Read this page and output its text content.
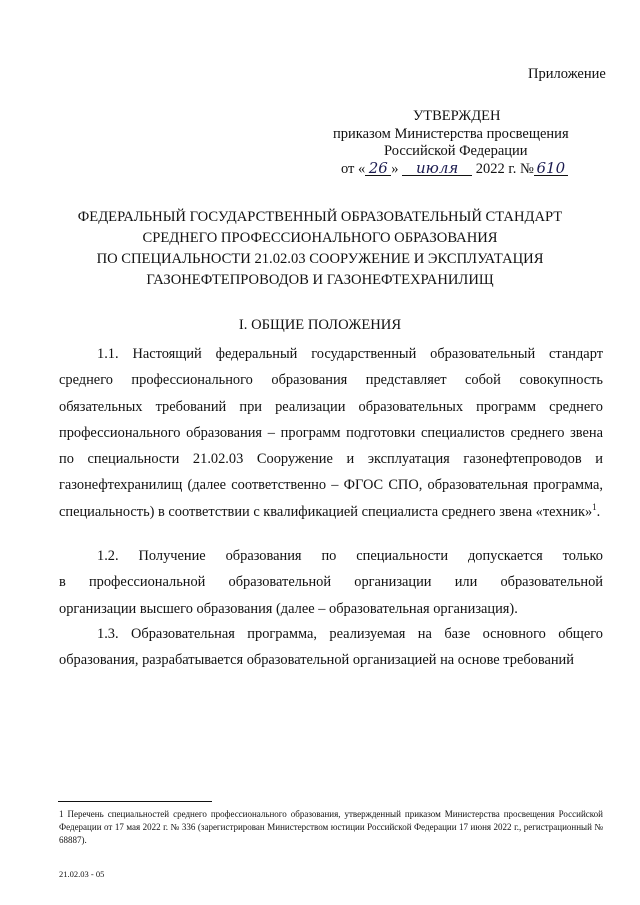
Приложение
УТВЕРЖДЕН
приказом Министерства просвещения
Российской Федерации
от « 26 » июля 2022 г. № 610
ФЕДЕРАЛЬНЫЙ ГОСУДАРСТВЕННЫЙ ОБРАЗОВАТЕЛЬНЫЙ СТАНДАРТ
СРЕДНЕГО ПРОФЕССИОНАЛЬНОГО ОБРАЗОВАНИЯ
ПО СПЕЦИАЛЬНОСТИ 21.02.03 СООРУЖЕНИЕ И ЭКСПЛУАТАЦИЯ
ГАЗОНЕФТЕПРОВОДОВ И ГАЗОНЕФТЕХРАНИЛИЩ
I. ОБЩИЕ ПОЛОЖЕНИЯ
1.1. Настоящий федеральный государственный образовательный стандарт среднего профессионального образования представляет собой совокупность обязательных требований при реализации образовательных программ среднего профессионального образования – программ подготовки специалистов среднего звена по специальности 21.02.03 Сооружение и эксплуатация газонефтепроводов и газонефтехранилищ (далее соответственно – ФГОС СПО, образовательная программа, специальность) в соответствии с квалификацией специалиста среднего звена «техник»$^1$.
1.2. Получение образования по специальности допускается только
в профессиональной образовательной организации или образовательной
организации высшего образования (далее – образовательная организация).
1.3. Образовательная программа, реализуемая на базе основного общего образования, разрабатывается образовательной организацией на основе требований
1 Перечень специальностей среднего профессионального образования, утвержденный приказом Министерства просвещения Российской Федерации от 17 мая 2022 г. № 336 (зарегистрирован Министерством юстиции Российской Федерации 17 июня 2022 г., регистрационный № 68887).
21.02.03 - 05
